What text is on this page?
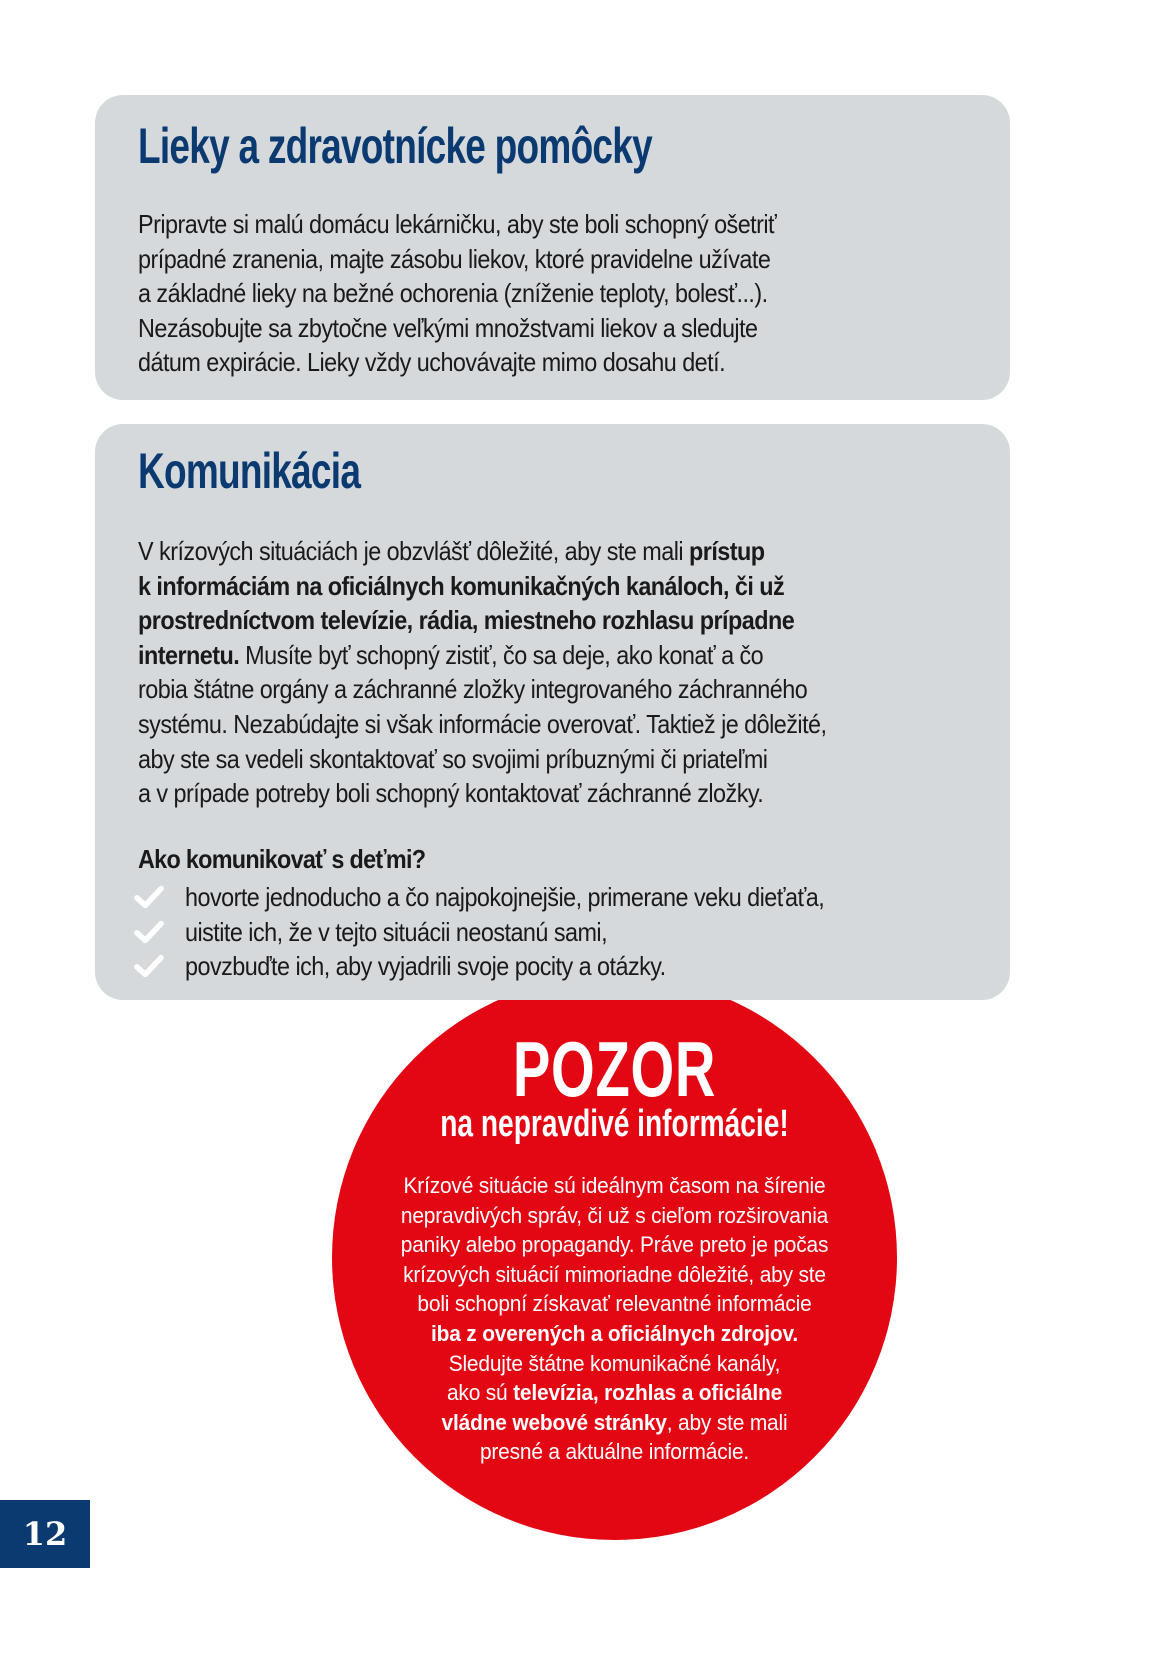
Lieky a zdravotnícke pomôcky
Pripravte si malú domácu lekárničku, aby ste boli schopný ošetriť
prípadné zranenia, majte zásobu liekov, ktoré pravidelne užívate
a základné lieky na bežné ochorenia (zníženie teploty, bolesť...).
Nezásobujte sa zbytočne veľkými množstvami liekov a sledujte
dátum expirácie. Lieky vždy uchovávajte mimo dosahu detí.
Komunikácia
V krízových situáciách je obzvlášť dôležité, aby ste mali prístup
k informáciám na oficiálnych komunikačných kanáloch, či už
prostredníctvom televízie, rádia, miestneho rozhlasu prípadne
internetu. Musíte byť schopný zistiť, čo sa deje, ako konať a čo
robia štátne orgány a záchranné zložky integrovaného záchranného
systému. Nezabúdajte si však informácie overovať. Taktiež je dôležité,
aby ste sa vedeli skontaktovať so svojimi príbuznými či priateľmi
a v prípade potreby boli schopný kontaktovať záchranné zložky.
Ako komunikovať s deťmi?
hovorte jednoducho a čo najpokojnejšie, primerane veku dieťaťa,
uistite ich, že v tejto situácii neostanú sami,
povzbuďte ich, aby vyjadrili svoje pocity a otázky.
POZOR
na nepravdivé informácie!
Krízové situácie sú ideálnym časom na šírenie
nepravdivých správ, či už s cieľom rozširovania
paniky alebo propagandy. Práve preto je počas
krízových situácií mimoriadne dôležité, aby ste
boli schopní získavať relevantné informácie
iba z overených a oficiálnych zdrojov.
Sledujte štátne komunikačné kanály,
ako sú televízia, rozhlas a oficiálne
vládne webové stránky, aby ste mali
presné a aktuálne informácie.
12
